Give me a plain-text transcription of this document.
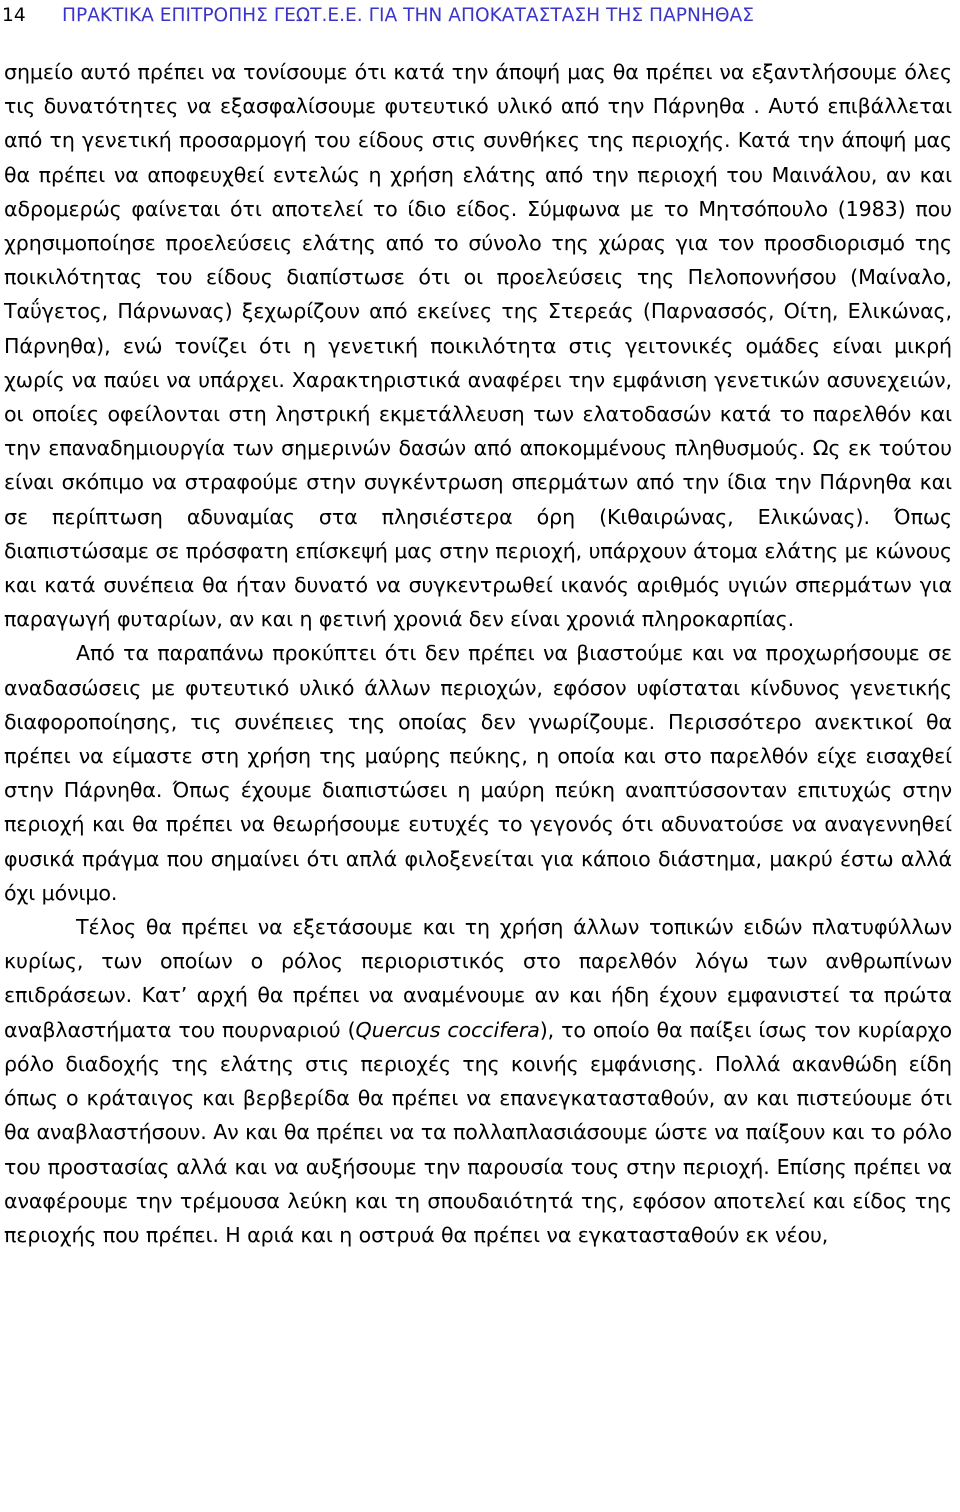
14 ΠΡΑΚΤΙΚΑ ΕΠΙΤΡΟΠΗΣ ΓΕΩΤ.Ε.Ε. ΓΙΑ ΤΗΝ ΑΠΟΚΑΤΑΣΤΑΣΗ ΤΗΣ ΠΑΡΝΗΘΑΣ

σημείο αυτό πρέπει να τονίσουμε ότι κατά την άποψή μας θα πρέπει να εξαντλήσουμε όλες τις δυνατότητες να εξασφαλίσουμε φυτευτικό υλικό από την Πάρνηθα . Αυτό επιβάλλεται από τη γενετική προσαρμογή του είδους στις συνθήκες της περιοχής. Κατά την άποψή μας θα πρέπει να αποφευχθεί εντελώς η χρήση ελάτης από την περιοχή του Μαινάλου, αν και αδρομερώς φαίνεται ότι αποτελεί το ίδιο είδος. Σύμφωνα με το Μητσόπουλο (1983) που χρησιμοποίησε προελεύσεις ελάτης από το σύνολο της χώρας για τον προσδιορισμό της ποικιλότητας του είδους διαπίστωσε ότι οι προελεύσεις της Πελοποννήσου (Μαίναλο, Ταΰγετος, Πάρνωνας) ξεχωρίζουν από εκείνες της Στερεάς (Παρνασσός, Οίτη, Ελικώνας, Πάρνηθα), ενώ τονίζει ότι η γενετική ποικιλότητα στις γειτονικές ομάδες είναι μικρή χωρίς να παύει να υπάρχει. Χαρακτηριστικά αναφέρει την εμφάνιση γενετικών ασυνεχειών, οι οποίες οφείλονται στη ληστρική εκμετάλλευση των ελατοδασών κατά το παρελθόν και την επαναδημιουργία των σημερινών δασών από αποκομμένους πληθυσμούς. Ως εκ τούτου είναι σκόπιμο να στραφούμε στην συγκέντρωση σπερμάτων από την ίδια την Πάρνηθα και σε περίπτωση αδυναμίας στα πλησιέστερα όρη (Κιθαιρώνας, Ελικώνας). Όπως διαπιστώσαμε σε πρόσφατη επίσκεψή μας στην περιοχή, υπάρχουν άτομα ελάτης με κώνους και κατά συνέπεια θα ήταν δυνατό να συγκεντρωθεί ικανός αριθμός υγιών σπερμάτων για παραγωγή φυταρίων, αν και η φετινή χρονιά δεν είναι χρονιά πληροκαρπίας.

Από τα παραπάνω προκύπτει ότι δεν πρέπει να βιαστούμε και να προχωρήσουμε σε αναδασώσεις με φυτευτικό υλικό άλλων περιοχών, εφόσον υφίσταται κίνδυνος γενετικής διαφοροποίησης, τις συνέπειες της οποίας δεν γνωρίζουμε. Περισσότερο ανεκτικοί θα πρέπει να είμαστε στη χρήση της μαύρης πεύκης, η οποία και στο παρελθόν είχε εισαχθεί στην Πάρνηθα. Όπως έχουμε διαπιστώσει η μαύρη πεύκη αναπτύσσονταν επιτυχώς στην περιοχή και θα πρέπει να θεωρήσουμε ευτυχές το γεγονός ότι αδυνατούσε να αναγεννηθεί φυσικά πράγμα που σημαίνει ότι απλά φιλοξενείται για κάποιο διάστημα, μακρύ έστω αλλά όχι μόνιμο.

Τέλος θα πρέπει να εξετάσουμε και τη χρήση άλλων τοπικών ειδών πλατυφύλλων κυρίως, των οποίων ο ρόλος περιοριστικός στο παρελθόν λόγω των ανθρωπίνων επιδράσεων. Κατ’ αρχή θα πρέπει να αναμένουμε αν και ήδη έχουν εμφανιστεί τα πρώτα αναβλαστήματα του πουρναριού (Quercus coccifera), το οποίο θα παίξει ίσως τον κυρίαρχο ρόλο διαδοχής της ελάτης στις περιοχές της κοινής εμφάνισης. Πολλά ακανθώδη είδη όπως ο κράταιγος και βερβερίδα θα πρέπει να επανεγκατασταθούν, αν και πιστεύουμε ότι θα αναβλαστήσουν. Αν και θα πρέπει να τα πολλαπλασιάσουμε ώστε να παίξουν και το ρόλο του προστασίας αλλά και να αυξήσουμε την παρουσία τους στην περιοχή. Επίσης πρέπει να αναφέρουμε την τρέμουσα λεύκη και τη σπουδαιότητά της, εφόσον αποτελεί και είδος της περιοχής που πρέπει. Η αριά και η οστρυά θα πρέπει να εγκατασταθούν εκ νέου,
